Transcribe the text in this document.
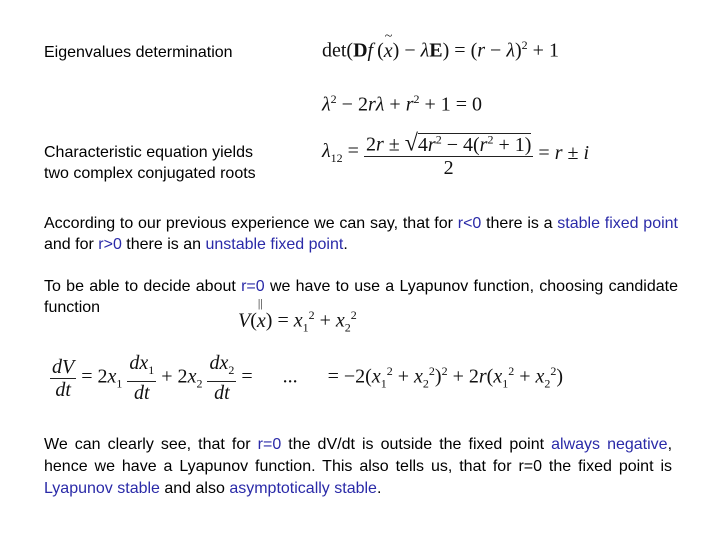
Eigenvalues determination	det(Df (x
~
) − $\lambda E) = (r - \lambda)^2 + 1$
$\lambda^2 - 2r\lambda + r^2 + 1 = 0$
Characteristic equation yields
two complex conjugated roots
$\lambda_{12} = \frac{2r \pm √4r^2 - 4(r^2 + 1)}{2} = r \pm i$
According to our previous experience we can say, that for r<0 there is a stable fixed point and for r>0 there is an unstable fixed point.
To be able to decide about r=0 we have to use a Lyapunov function, choosing candidate function
V(x
||
) = $x_1^2 + x_2^2$
$\frac{dV}{dt} = 2x_1 \frac{dx_1}{dt} + 2x_2 \frac{dx_2}{dt}$ =      ...      = $-2(x_1^2 + x_2^2)^2 + 2r(x_1^2 + x_2^2)$
We can clearly see, that for r=0 the dV/dt is outside the fixed point always negative, hence we have a Lyapunov function. This also tells us, that for r=0 the fixed point is Lyapunov stable and also asymptotically stable.
